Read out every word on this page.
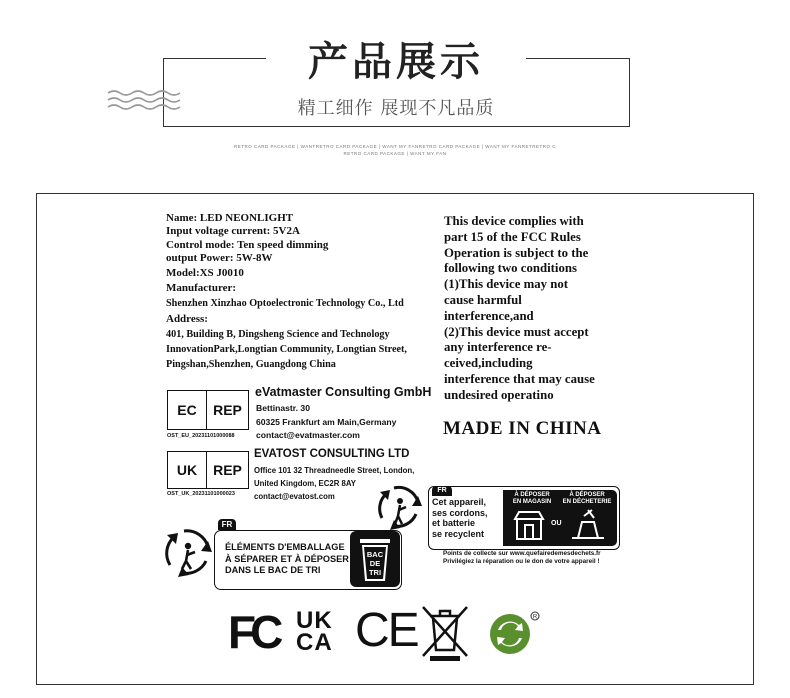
产品展示
精工细作 展现不凡品质
RETRO CARD PACKAGE | WANTRETRO CARD PACKAGE | WANT MY FANRETRO CARD PACKAGE | WANT MY FANRETRETRO C
RETRO CARD PACKAGE | WANT MY FAN
Name: LED NEONLIGHT
Input voltage current: 5V2A
Control mode: Ten speed dimming
output Power: 5W-8W
Model:XS J0010
Manufacturer:
Shenzhen Xinzhao Optoelectronic Technology Co., Ltd
Address:
401, Building B, Dingsheng Science and Technology
InnovationPark,Longtian Community, Longtian Street,
Pingshan,Shenzhen, Guangdong China
This device complies with
part 15 of the FCC Rules
Operation is subject to the
following two conditions
(1)This device may not
cause harmful
interference,and
(2)This device must accept
any interference re-
ceived,including
interference that may cause
undesired operatino
MADE IN CHINA
EC	REP
OST_EU_20231101000088
eVatmaster Consulting GmbH
Bettinastr. 30
60325 Frankfurt am Main,Germany
contact@evatmaster.com
UK	REP
OST_UK_20231101000023
EVATOST CONSULTING LTD
Office 101 32 Threadneedle Street, London,
United Kingdom, EC2R 8AY
contact@evatost.com
FR
Cet appareil,
ses cordons,
et batterie
se recyclent
À DÉPOSER
EN MAGASIN
À DÉPOSER
EN DÉCHETERIE
OU
Points de collecte sur www.quefairedemesdechets.fr
Privilégiez la réparation ou le don de votre appareil !
FR
ÉLÉMENTS D'EMBALLAGE
À SÉPARER ET À DÉPOSER
DANS LE BAC DE TRI
BAC
DE
TRI
FC UK
CA CE	R
